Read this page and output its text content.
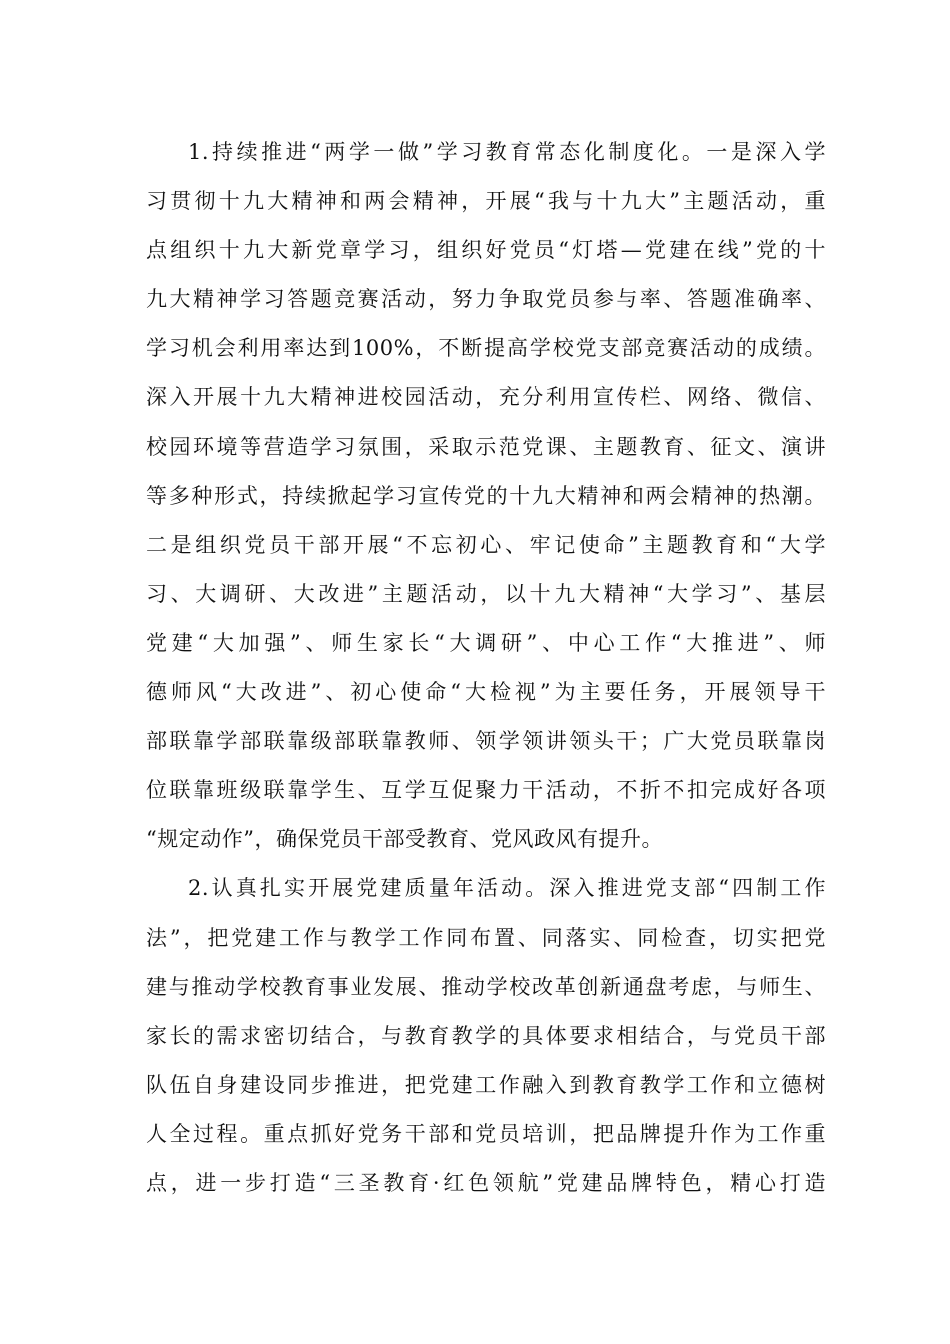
1.持续推进“两学一做”学习教育常态化制度化。一是深入学
习贯彻十九大精神和两会精神，开展“我与十九大”主题活动，重
点组织十九大新党章学习，组织好党员“灯塔—党建在线”党的十
九大精神学习答题竞赛活动，努力争取党员参与率、答题准确率、
学习机会利用率达到100%，不断提高学校党支部竞赛活动的成绩。
深入开展十九大精神进校园活动，充分利用宣传栏、网络、微信、
校园环境等营造学习氛围，采取示范党课、主题教育、征文、演讲
等多种形式，持续掀起学习宣传党的十九大精神和两会精神的热潮。
二是组织党员干部开展“不忘初心、牢记使命”主题教育和“大学
习、大调研、大改进”主题活动，以十九大精神“大学习”、基层
党建“大加强”、师生家长“大调研”、中心工作“大推进”、师
德师风“大改进”、初心使命“大检视”为主要任务，开展领导干
部联靠学部联靠级部联靠教师、领学领讲领头干；广大党员联靠岗
位联靠班级联靠学生、互学互促聚力干活动，不折不扣完成好各项
“规定动作”，确保党员干部受教育、党风政风有提升。
2.认真扎实开展党建质量年活动。深入推进党支部“四制工作
法”，把党建工作与教学工作同布置、同落实、同检查，切实把党
建与推动学校教育事业发展、推动学校改革创新通盘考虑，与师生、
家长的需求密切结合，与教育教学的具体要求相结合，与党员干部
队伍自身建设同步推进，把党建工作融入到教育教学工作和立德树
人全过程。重点抓好党务干部和党员培训，把品牌提升作为工作重
点，进一步打造“三圣教育·红色领航”党建品牌特色，精心打造
